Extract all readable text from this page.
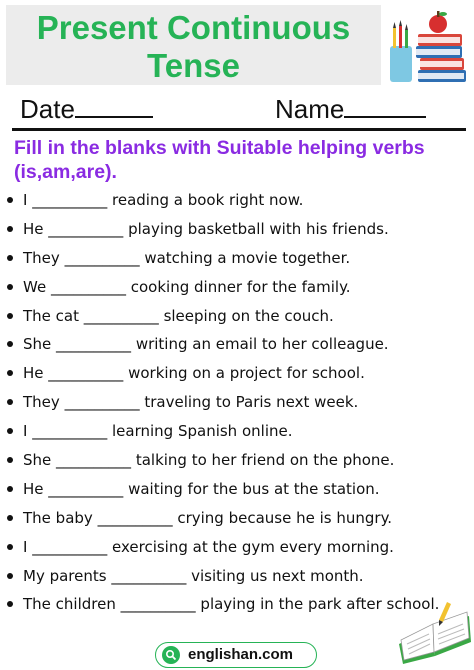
Present Continuous
Tense
Date	Name
Fill in the blanks with Suitable helping verbs (is,am,are).
I __________ reading a book right now.
He __________ playing basketball with his friends.
They __________ watching a movie together.
We __________ cooking dinner for the family.
The cat __________ sleeping on the couch.
She __________ writing an email to her colleague.
He __________ working on a project for school.
They __________ traveling to Paris next week.
I __________ learning Spanish online.
She __________ talking to her friend on the phone.
He __________ waiting for the bus at the station.
The baby __________ crying because he is hungry.
I __________ exercising at the gym every morning.
My parents __________ visiting us next month.
The children __________ playing in the park after school.
englishan.com
